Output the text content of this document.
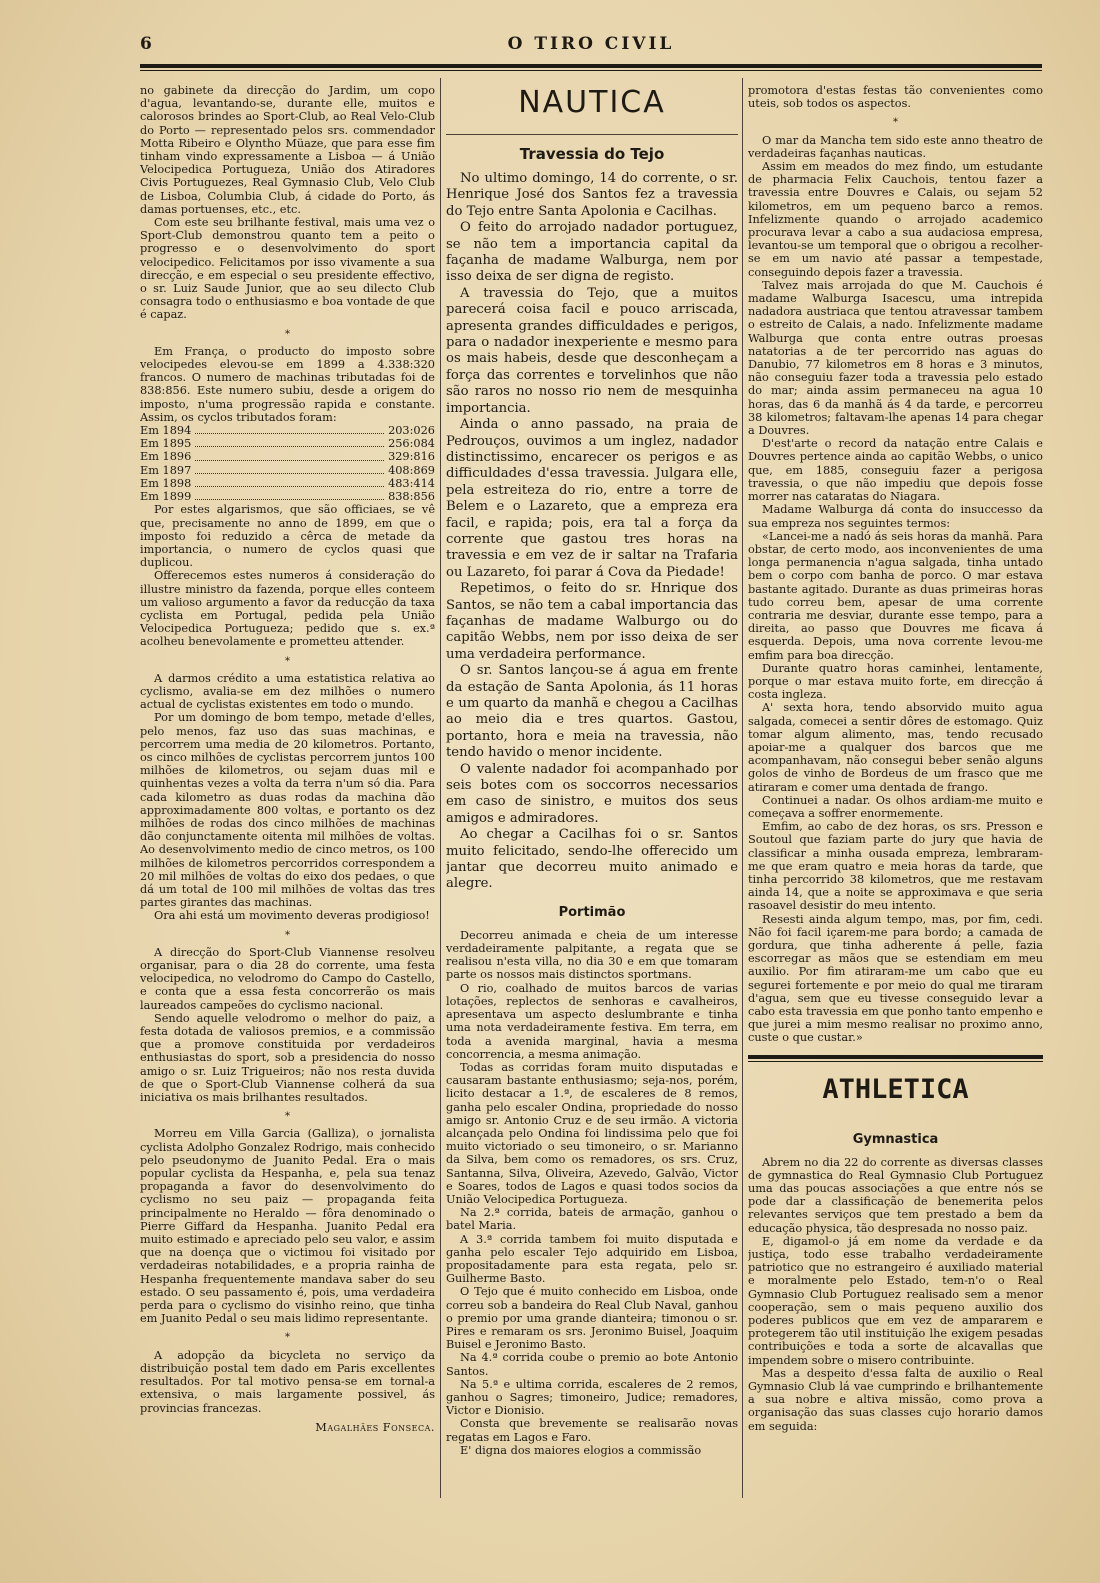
6	O TIRO CIVIL

no gabinete da direcção do Jardim, um copo d'agua, levantando-se, durante elle, muitos e calorosos brindes ao Sport-Club, ao Real Velo-Club do Porto — representado pelos srs. commendador Motta Ribeiro e Olyntho Müaze, que para esse fim tinham vindo expressamente a Lisboa — á União Velocipedica Portugueza, União dos Atiradores Civis Portuguezes, Real Gymnasio Club, Velo Club de Lisboa, Columbia Club, á cidade do Porto, ás damas portuenses, etc., etc.

Com este seu brilhante festival, mais uma vez o Sport-Club demonstrou quanto tem a peito o progresso e o desenvolvimento do sport velocipedico. Felicitamos por isso vivamente a sua direcção, e em especial o seu presidente effectivo, o sr. Luiz Saude Junior, que ao seu dilecto Club consagra todo o enthusiasmo e boa vontade de que é capaz.

*

Em França, o producto do imposto sobre velocipedes elevou-se em 1899 a 4.338:320 francos. O numero de machinas tributadas foi de 838:856. Este numero subiu, desde a origem do imposto, n'uma progressão rapida e constante. Assim, os cyclos tributados foram:

Em 1894	203:026
Em 1895	256:084
Em 1896	329:816
Em 1897	408:869
Em 1898	483:414
Em 1899	838:856

Por estes algarismos, que são officiaes, se vê que, precisamente no anno de 1899, em que o imposto foi reduzido a cêrca de metade da importancia, o numero de cyclos quasi que duplicou.

Offerecemos estes numeros á consideração do illustre ministro da fazenda, porque elles conteem um valioso argumento a favor da reducção da taxa cyclista em Portugal, pedida pela União Velocipedica Portugueza; pedido que s. ex.ª acolheu benevolamente e prometteu attender.

*

A darmos crédito a uma estatistica relativa ao cyclismo, avalia-se em dez milhões o numero actual de cyclistas existentes em todo o mundo.

Por um domingo de bom tempo, metade d'elles, pelo menos, faz uso das suas machinas, e percorrem uma media de 20 kilometros. Portanto, os cinco milhões de cyclistas percorrem juntos 100 milhões de kilometros, ou sejam duas mil e quinhentas vezes a volta da terra n'um só dia. Para cada kilometro as duas rodas da machina dão approximadamente 800 voltas, e portanto os dez milhões de rodas dos cinco milhões de machinas dão conjunctamente oitenta mil milhões de voltas. Ao desenvolvimento medio de cinco metros, os 100 milhões de kilometros percorridos correspondem a 20 mil milhões de voltas do eixo dos pedaes, o que dá um total de 100 mil milhões de voltas das tres partes girantes das machinas.

Ora ahi está um movimento deveras prodigioso!

*

A direcção do Sport-Club Viannense resolveu organisar, para o dia 28 do corrente, uma festa velocipedica, no velodromo do Campo do Castello, e conta que a essa festa concorrerão os mais laureados campeões do cyclismo nacional.

Sendo aquelle velodromo o melhor do paiz, a festa dotada de valiosos premios, e a commissão que a promove constituida por verdadeiros enthusiastas do sport, sob a presidencia do nosso amigo o sr. Luiz Trigueiros; não nos resta duvida de que o Sport-Club Viannense colherá da sua iniciativa os mais brilhantes resultados.

*

Morreu em Villa Garcia (Galliza), o jornalista cyclista Adolpho Gonzalez Rodrigo, mais conhecido pelo pseudonymo de Juanito Pedal. Era o mais popular cyclista da Hespanha, e, pela sua tenaz propaganda a favor do desenvolvimento do cyclismo no seu paiz — propaganda feita principalmente no Heraldo — fôra denominado o Pierre Giffard da Hespanha. Juanito Pedal era muito estimado e apreciado pelo seu valor, e assim que na doença que o victimou foi visitado por verdadeiras notabilidades, e a propria rainha de Hespanha frequentemente mandava saber do seu estado. O seu passamento é, pois, uma verdadeira perda para o cyclismo do visinho reino, que tinha em Juanito Pedal o seu mais lidimo representante.

*

A adopção da bicycleta no serviço da distribuição postal tem dado em Paris excellentes resultados. Por tal motivo pensa-se em tornal-a extensiva, o mais largamente possivel, ás provincias francezas.

Magalhães Fonseca.
NAUTICA
Travessia do Tejo

No ultimo domingo, 14 do corrente, o sr. Henrique José dos Santos fez a travessia do Tejo entre Santa Apolonia e Cacilhas.

O feito do arrojado nadador portuguez, se não tem a importancia capital da façanha de madame Walburga, nem por isso deixa de ser digna de registo.

A travessia do Tejo, que a muitos parecerá coisa facil e pouco arriscada, apresenta grandes difficuldades e perigos, para o nadador inexperiente e mesmo para os mais habeis, desde que desconheçam a força das correntes e torvelinhos que não são raros no nosso rio nem de mesquinha importancia.

Ainda o anno passado, na praia de Pedrouços, ouvimos a um inglez, nadador distinctissimo, encarecer os perigos e as difficuldades d'essa travessia. Julgara elle, pela estreiteza do rio, entre a torre de Belem e o Lazareto, que a empreza era facil, e rapida; pois, era tal a força da corrente que gastou tres horas na travessia e em vez de ir saltar na Trafaria ou Lazareto, foi parar á Cova da Piedade!

Repetimos, o feito do sr. Hnrique dos Santos, se não tem a cabal importancia das façanhas de madame Walburgo ou do capitão Webbs, nem por isso deixa de ser uma verdadeira performance.

O sr. Santos lançou-se á agua em frente da estação de Santa Apolonia, ás 11 horas e um quarto da manhã e chegou a Cacilhas ao meio dia e tres quartos. Gastou, portanto, hora e meia na travessia, não tendo havido o menor incidente.

O valente nadador foi acompanhado por seis botes com os soccorros necessarios em caso de sinistro, e muitos dos seus amigos e admiradores.

Ao chegar a Cacilhas foi o sr. Santos muito felicitado, sendo-lhe offerecido um jantar que decorreu muito animado e alegre.

Portimão

Decorreu animada e cheia de um interesse verdadeiramente palpitante, a regata que se realisou n'esta villa, no dia 30 e em que tomaram parte os nossos mais distinctos sportmans.

O rio, coalhado de muitos barcos de varias lotações, replectos de senhoras e cavalheiros, apresentava um aspecto deslumbrante e tinha uma nota verdadeiramente festiva. Em terra, em toda a avenida marginal, havia a mesma concorrencia, a mesma animação.

Todas as corridas foram muito disputadas e causaram bastante enthusiasmo; seja-nos, porém, licito destacar a 1.ª, de escaleres de 8 remos, ganha pelo escaler Ondina, propriedade do nosso amigo sr. Antonio Cruz e de seu irmão. A victoria alcançada pelo Ondina foi lindissima pelo que foi muito victoriado o seu timoneiro, o sr. Marianno da Silva, bem como os remadores, os srs. Cruz, Santanna, Silva, Oliveira, Azevedo, Galvão, Victor e Soares, todos de Lagos e quasi todos socios da União Velocipedica Portugueza.

Na 2.ª corrida, bateis de armação, ganhou o batel Maria.

A 3.ª corrida tambem foi muito disputada e ganha pelo escaler Tejo adquirido em Lisboa, propositadamente para esta regata, pelo sr. Guilherme Basto.

O Tejo que é muito conhecido em Lisboa, onde correu sob a bandeira do Real Club Naval, ganhou o premio por uma grande dianteira; timonou o sr. Pires e remaram os srs. Jeronimo Buisel, Joaquim Buisel e Jeronimo Basto.

Na 4.ª corrida coube o premio ao bote Antonio Santos.

Na 5.ª e ultima corrida, escaleres de 2 remos, ganhou o Sagres; timoneiro, Judice; remadores, Victor e Dionisio.

Consta que brevemente se realisarão novas regatas em Lagos e Faro.

E' digna dos maiores elogios a commissão

promotora d'estas festas tão convenientes como uteis, sob todos os aspectos.

*

O mar da Mancha tem sido este anno theatro de verdadeiras façanhas nauticas.

Assim em meados do mez findo, um estudante de pharmacia Felix Cauchois, tentou fazer a travessia entre Douvres e Calais, ou sejam 52 kilometros, em um pequeno barco a remos. Infelizmente quando o arrojado academico procurava levar a cabo a sua audaciosa empresa, levantou-se um temporal que o obrigou a recolher-se em um navio até passar a tempestade, conseguindo depois fazer a travessia.

Talvez mais arrojada do que M. Cauchois é madame Walburga Isacescu, uma intrepida nadadora austriaca que tentou atravessar tambem o estreito de Calais, a nado. Infelizmente madame Walburga que conta entre outras proesas natatorias a de ter percorrido nas aguas do Danubio, 77 kilometros em 8 horas e 3 minutos, não conseguiu fazer toda a travessia pelo estado do mar; ainda assim permaneceu na agua 10 horas, das 6 da manhã ás 4 da tarde, e percorreu 38 kilometros; faltavam-lhe apenas 14 para chegar a Douvres.

D'est'arte o record da natação entre Calais e Douvres pertence ainda ao capitão Webbs, o unico que, em 1885, conseguiu fazer a perigosa travessia, o que não impediu que depois fosse morrer nas cataratas do Niagara.

Madame Walburga dá conta do insuccesso da sua empreza nos seguintes termos:

«Lancei-me a nadó ás seis horas da manhã. Para obstar, de certo modo, aos inconvenientes de uma longa permanencia n'agua salgada, tinha untado bem o corpo com banha de porco. O mar estava bastante agitado. Durante as duas primeiras horas tudo correu bem, apesar de uma corrente contraria me desviar, durante esse tempo, para a direita, ao passo que Douvres me ficava á esquerda. Depois, uma nova corrente levou-me emfim para boa direcção.

Durante quatro horas caminhei, lentamente, porque o mar estava muito forte, em direcção á costa ingleza.

A' sexta hora, tendo absorvido muito agua salgada, comecei a sentir dôres de estomago. Quiz tomar algum alimento, mas, tendo recusado apoiar-me a qualquer dos barcos que me acompanhavam, não consegui beber senão alguns golos de vinho de Bordeus de um frasco que me atiraram e comer uma dentada de frango.

Continuei a nadar. Os olhos ardiam-me muito e começava a soffrer enormemente.

Emfim, ao cabo de dez horas, os srs. Presson e Soutoul que faziam parte do jury que havia de classificar a minha ousada empreza, lembraram-me que eram quatro e meia horas da tarde, que tinha percorrido 38 kilometros, que me restavam ainda 14, que a noite se approximava e que seria rasoavel desistir do meu intento.

Resesti ainda algum tempo, mas, por fim, cedi. Não foi facil içarem-me para bordo; a camada de gordura, que tinha adherente á pelle, fazia escorregar as mãos que se estendiam em meu auxilio. Por fim atiraram-me um cabo que eu segurei fortemente e por meio do qual me tiraram d'agua, sem que eu tivesse conseguido levar a cabo esta travessia em que ponho tanto empenho e que jurei a mim mesmo realisar no proximo anno, custe o que custar.»

ATHLETICA
Gymnastica

Abrem no dia 22 do corrente as diversas classes de gymnastica do Real Gymnasio Club Portuguez uma das poucas associações a que entre nós se pode dar a classificação de benemerita pelos relevantes serviços que tem prestado a bem da educação physica, tão despresada no nosso paiz.

E, digamol-o já em nome da verdade e da justiça, todo esse trabalho verdadeiramente patriotico que no estrangeiro é auxiliado material e moralmente pelo Estado, tem-n'o o Real Gymnasio Club Portuguez realisado sem a menor cooperação, sem o mais pequeno auxilio dos poderes publicos que em vez de ampararem e protegerem tão util instituição lhe exigem pesadas contribuições e toda a sorte de alcavallas que impendem sobre o misero contribuinte.

Mas a despeito d'essa falta de auxilio o Real Gymnasio Club lá vae cumprindo e brilhantemente a sua nobre e altiva missão, como prova a organisação das suas classes cujo horario damos em seguida:
